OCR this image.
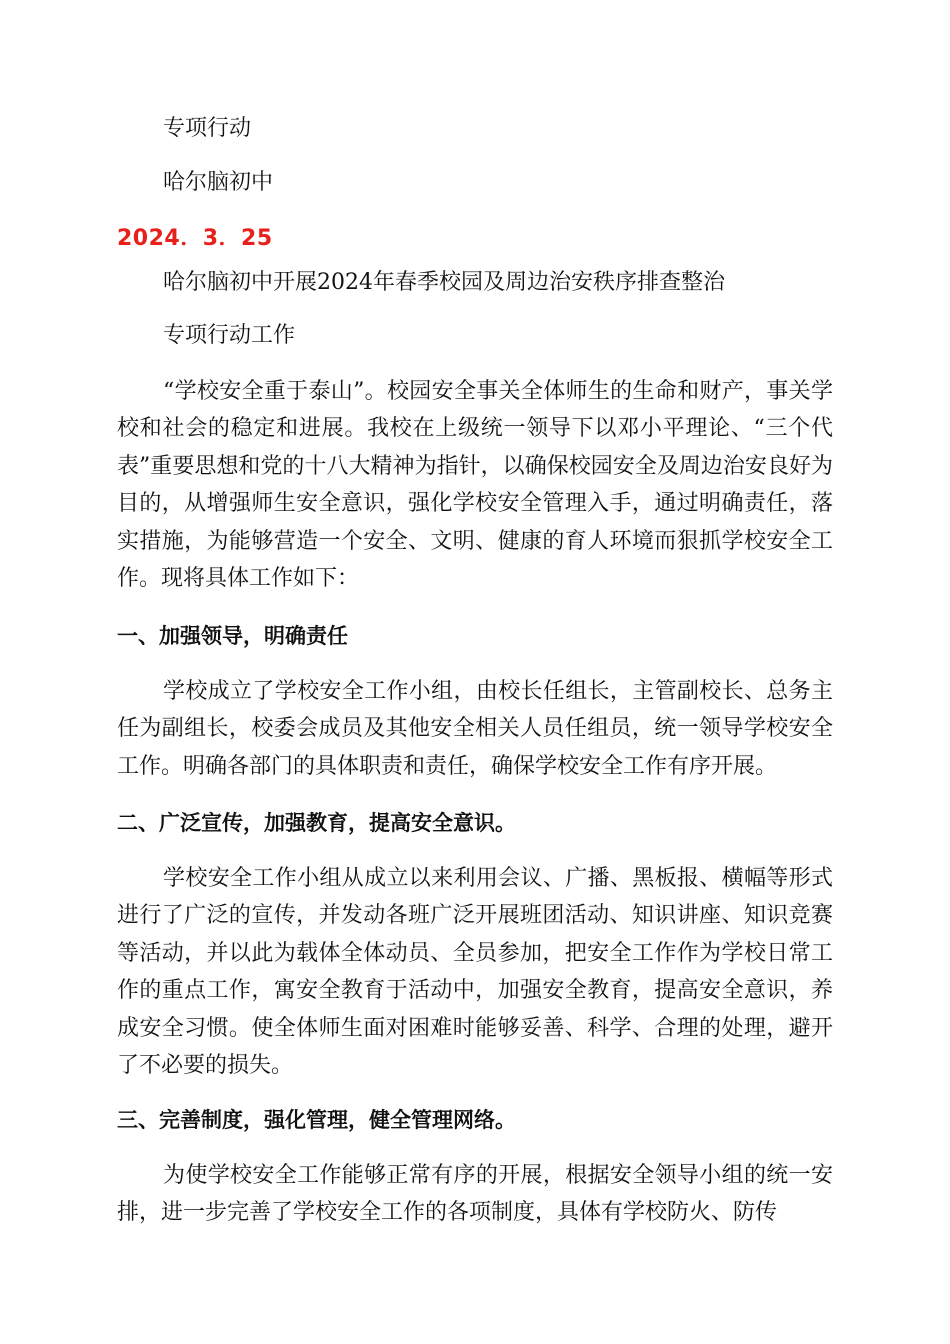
专项行动

哈尔脑初中

2024．3．25

哈尔脑初中开展2024年春季校园及周边治安秩序排查整治

专项行动工作

“学校安全重于泰山”。校园安全事关全体师生的生命和财产，事关学校和社会的稳定和进展。我校在上级统一领导下以邓小平理论、“三个代表”重要思想和党的十八大精神为指针，以确保校园安全及周边治安良好为目的，从增强师生安全意识，强化学校安全管理入手，通过明确责任，落实措施，为能够营造一个安全、文明、健康的育人环境而狠抓学校安全工作。现将具体工作如下：

一、加强领导，明确责任

学校成立了学校安全工作小组，由校长任组长，主管副校长、总务主任为副组长，校委会成员及其他安全相关人员任组员，统一领导学校安全工作。明确各部门的具体职责和责任，确保学校安全工作有序开展。

二、广泛宣传，加强教育，提高安全意识。

学校安全工作小组从成立以来利用会议、广播、黑板报、横幅等形式进行了广泛的宣传，并发动各班广泛开展班团活动、知识讲座、知识竞赛等活动，并以此为载体全体动员、全员参加，把安全工作作为学校日常工作的重点工作，寓安全教育于活动中，加强安全教育，提高安全意识，养成安全习惯。使全体师生面对困难时能够妥善、科学、合理的处理，避开了不必要的损失。

三、完善制度，强化管理，健全管理网络。

为使学校安全工作能够正常有序的开展，根据安全领导小组的统一安排，进一步完善了学校安全工作的各项制度，具体有学校防火、防传
